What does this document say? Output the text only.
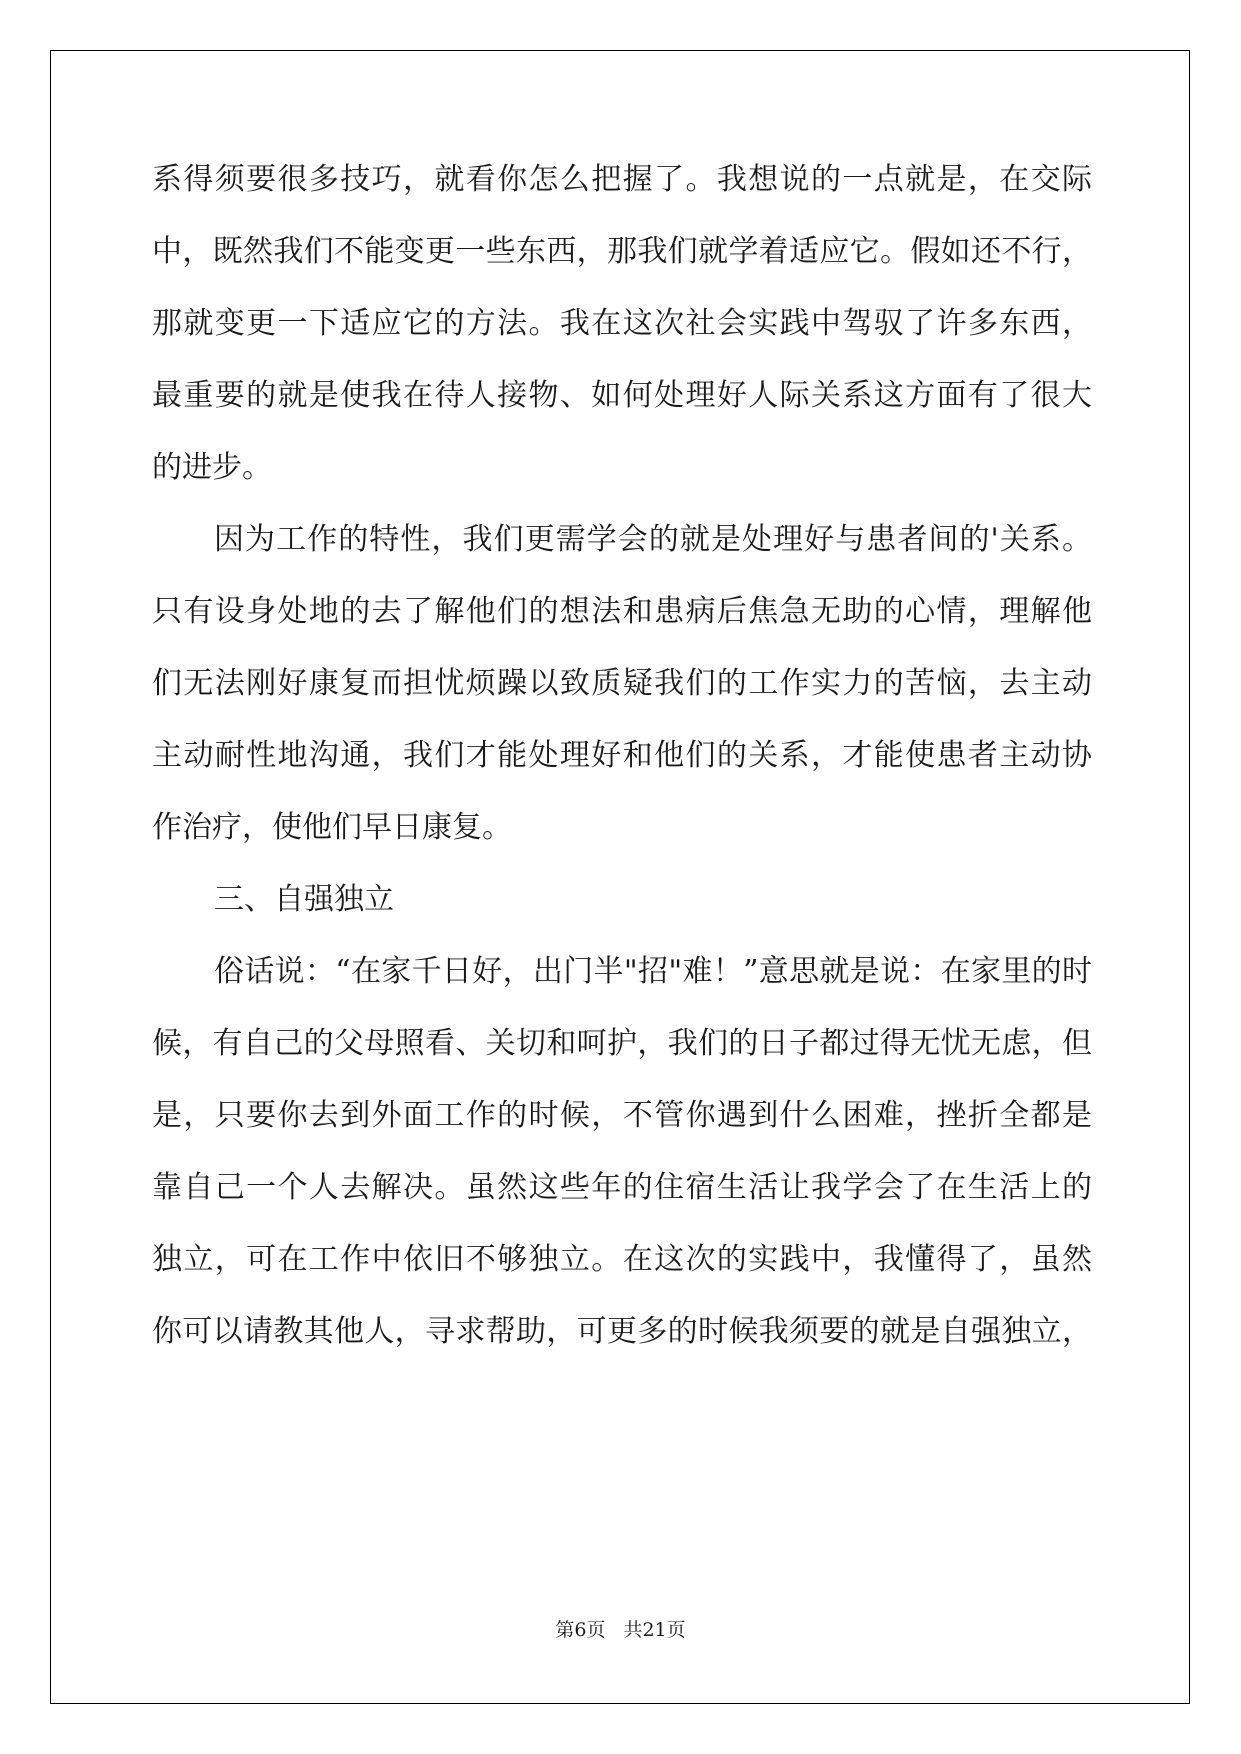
系得须要很多技巧，就看你怎么把握了。我想说的一点就是，在交际
中，既然我们不能变更一些东西，那我们就学着适应它。假如还不行，
那就变更一下适应它的方法。我在这次社会实践中驾驭了许多东西，
最重要的就是使我在待人接物、如何处理好人际关系这方面有了很大
的进步。
因为工作的特性，我们更需学会的就是处理好与患者间的'关系。
只有设身处地的去了解他们的想法和患病后焦急无助的心情，理解他
们无法刚好康复而担忧烦躁以致质疑我们的工作实力的苦恼，去主动
主动耐性地沟通，我们才能处理好和他们的关系，才能使患者主动协
作治疗，使他们早日康复。
三、自强独立
俗话说：“在家千日好，出门半"招"难！”意思就是说：在家里的时
候，有自己的父母照看、关切和呵护，我们的日子都过得无忧无虑，但
是，只要你去到外面工作的时候，不管你遇到什么困难，挫折全都是
靠自己一个人去解决。虽然这些年的住宿生活让我学会了在生活上的
独立，可在工作中依旧不够独立。在这次的实践中，我懂得了，虽然
你可以请教其他人，寻求帮助，可更多的时候我须要的就是自强独立，
第6页 共21页
